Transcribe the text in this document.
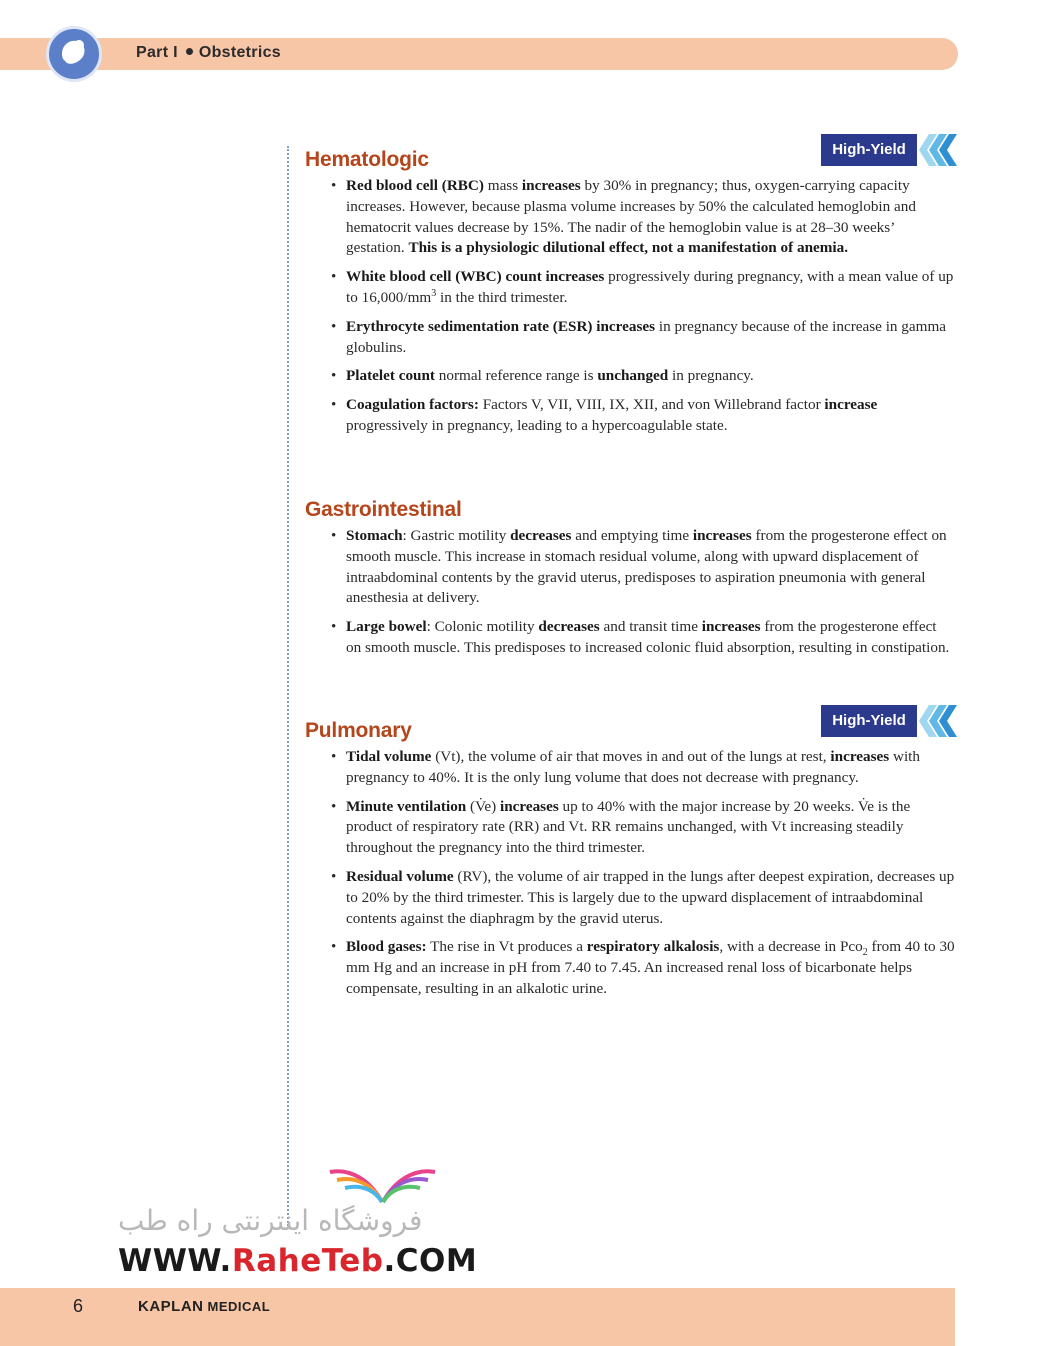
Part I Obstetrics
Hematologic	High-Yield
• Red blood cell (RBC) mass increases by 30% in pregnancy; thus, oxygen-carrying capacity increases. However, because plasma volume increases by 50% the calculated hemoglobin and hematocrit values decrease by 15%. The nadir of the hemoglobin value is at 28–30 weeks’ gestation. This is a physiologic dilutional effect, not a manifestation of anemia.
• White blood cell (WBC) count increases progressively during pregnancy, with a mean value of up to $16,000/mm^3$ in the third trimester.
• Erythrocyte sedimentation rate (ESR) increases in pregnancy because of the increase in gamma globulins.
• Platelet count normal reference range is unchanged in pregnancy.
• Coagulation factors: Factors V, VII, VIII, IX, XII, and von Willebrand factor increase progressively in pregnancy, leading to a hypercoagulable state.
Gastrointestinal
• Stomach: Gastric motility decreases and emptying time increases from the progesterone effect on smooth muscle. This increase in stomach residual volume, along with upward displacement of intraabdominal contents by the gravid uterus, predisposes to aspiration pneumonia with general anesthesia at delivery.
• Large bowel: Colonic motility decreases and transit time increases from the progesterone effect on smooth muscle. This predisposes to increased colonic fluid absorption, resulting in constipation.
Pulmonary	High-Yield
• Tidal volume (Vt), the volume of air that moves in and out of the lungs at rest, increases with pregnancy to 40%. It is the only lung volume that does not decrease with pregnancy.
• Minute ventilation (V̇e) increases up to 40% with the major increase by 20 weeks. V̇e is the product of respiratory rate (RR) and Vt. RR remains unchanged, with Vt increasing steadily throughout the pregnancy into the third trimester.
• Residual volume (RV), the volume of air trapped in the lungs after deepest expiration, decreases up to 20% by the third trimester. This is largely due to the upward displacement of intraabdominal contents against the diaphragm by the gravid uterus.
• Blood gases: The rise in Vt produces a respiratory alkalosis, with a decrease in Pco$_2$ from 40 to 30 mm Hg and an increase in pH from 7.40 to 7.45. An increased renal loss of bicarbonate helps compensate, resulting in an alkalotic urine.
فروشگاه اینترنتی راه طب
WWW.RaheTeb.COM
6	KAPLAN MEDICAL
